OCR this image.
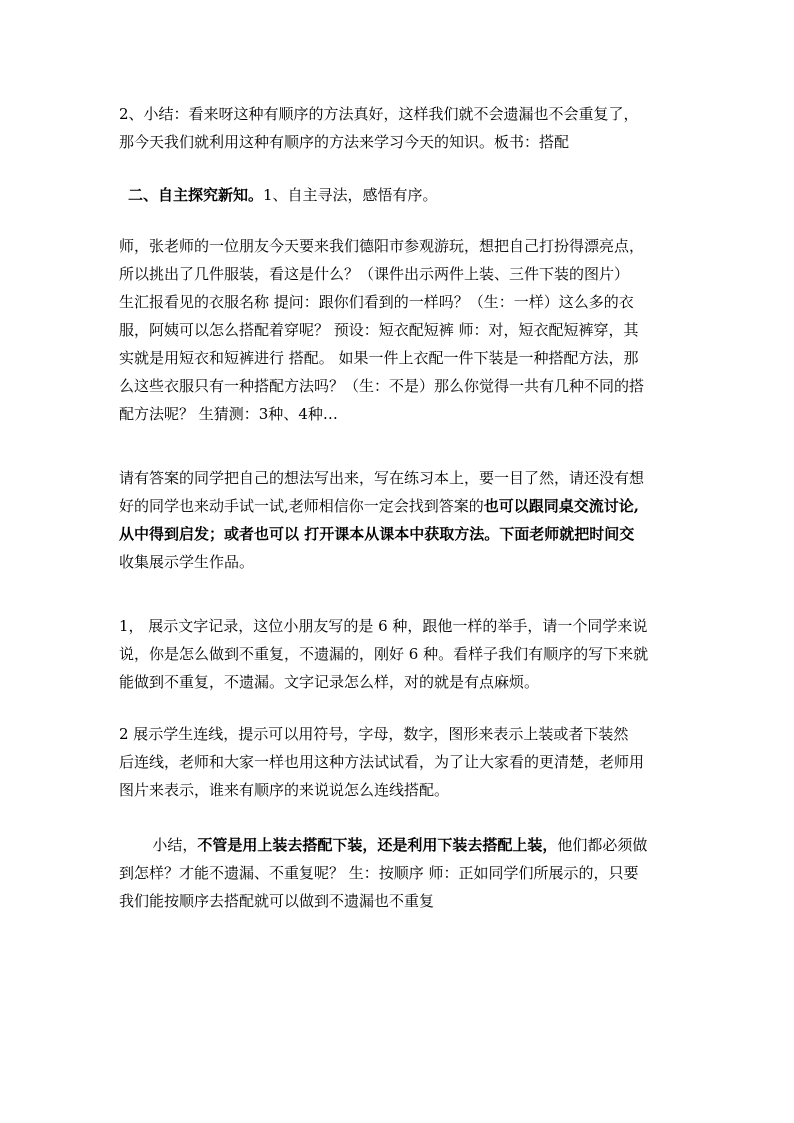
2、小结：看来呀这种有顺序的方法真好，这样我们就不会遗漏也不会重复了，
那今天我们就利用这种有顺序的方法来学习今天的知识。板书：搭配

二、自主探究新知。1、自主寻法，感悟有序。

师，张老师的一位朋友今天要来我们德阳市参观游玩，想把自己打扮得漂亮点，
所以挑出了几件服装，看这是什么？（课件出示两件上装、三件下装的图片）
生汇报看见的衣服名称 提问：跟你们看到的一样吗？（生：一样）这么多的衣
服，阿姨可以怎么搭配着穿呢？ 预设：短衣配短裤 师：对，短衣配短裤穿，其
实就是用短衣和短裤进行 搭配。 如果一件上衣配一件下装是一种搭配方法，那
么这些衣服只有一种搭配方法吗？（生：不是）那么你觉得一共有几种不同的搭
配方法呢？ 生猜测：3种、4种…

请有答案的同学把自己的想法写出来，写在练习本上，要一目了然，请还没有想
好的同学也来动手试一试,老师相信你一定会找到答案的也可以跟同桌交流讨论,
从中得到启发；或者也可以 打开课本从课本中获取方法。下面老师就把时间交
收集展示学生作品。

1， 展示文字记录，这位小朋友写的是 6 种，跟他一样的举手，请一个同学来说
说，你是怎么做到不重复，不遗漏的，刚好 6 种。看样子我们有顺序的写下来就
能做到不重复，不遗漏。文字记录怎么样，对的就是有点麻烦。

2 展示学生连线，提示可以用符号，字母，数字，图形来表示上装或者下装然
后连线，老师和大家一样也用这种方法试试看，为了让大家看的更清楚，老师用
图片来表示，谁来有顺序的来说说怎么连线搭配。

小结，不管是用上装去搭配下装，还是利用下装去搭配上装，他们都必须做
到怎样？才能不遗漏、不重复呢？ 生：按顺序 师：正如同学们所展示的，只要
我们能按顺序去搭配就可以做到不遗漏也不重复
